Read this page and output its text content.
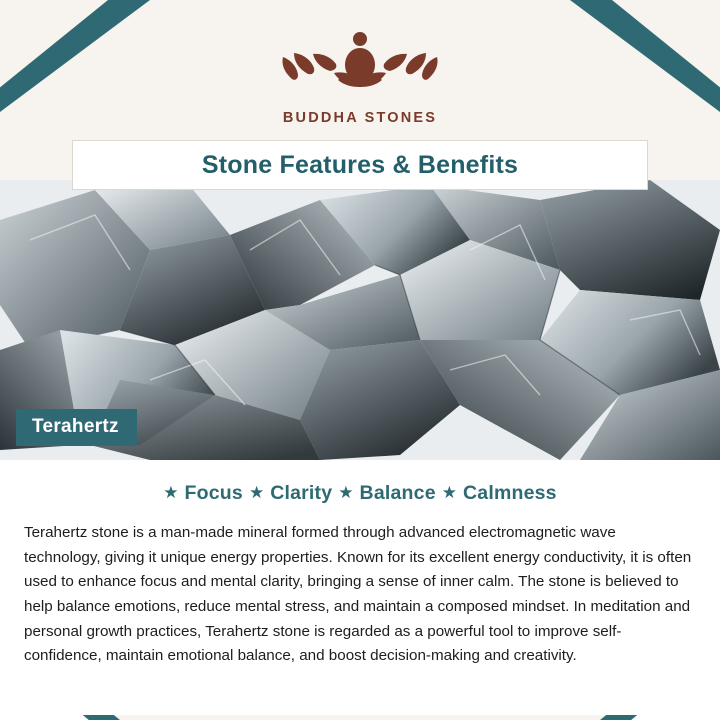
BUDDHA STONES
Stone Features & Benefits
Terahertz
★ Focus ★ Clarity ★ Balance ★ Calmness

Terahertz stone is a man-made mineral formed through advanced electromagnetic wave technology, giving it unique energy properties. Known for its excellent energy conductivity, it is often used to enhance focus and mental clarity, bringing a sense of inner calm. The stone is believed to help balance emotions, reduce mental stress, and maintain a composed mindset. In meditation and personal growth practices, Terahertz stone is regarded as a powerful tool to improve self-confidence, maintain emotional balance, and boost decision-making and creativity.
